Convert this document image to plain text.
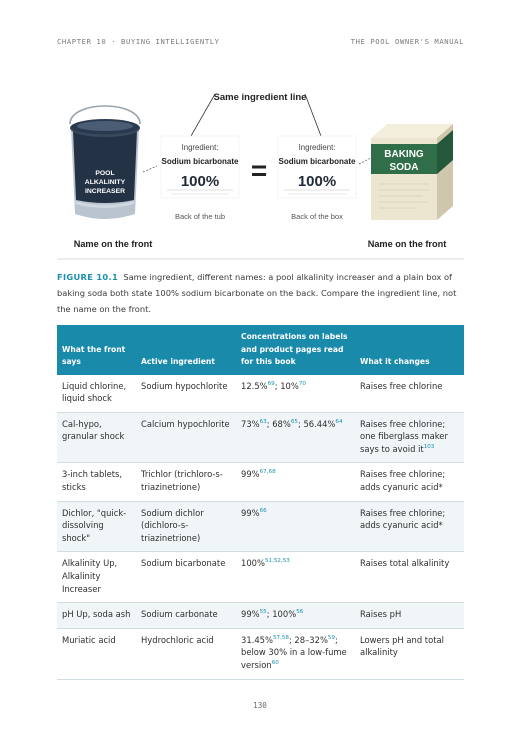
CHAPTER 10 · BUYING INTELLIGENTLY	THE POOL OWNER'S MANUAL
Same ingredient line
POOL
ALKALINITY
INCREASER
Name on the front
Ingredient:
Sodium bicarbonate
100%
Back of the tub
=
Ingredient:
Sodium bicarbonate
100%
Back of the box
BAKING
SODA
Name on the front

FIGURE 10.1 Same ingredient, different names: a pool alkalinity increaser and a plain box of baking soda both state 100% sodium bicarbonate on the back. Compare the ingredient line, not the name on the front.

What the front says	Active ingredient	Concentrations on labels and product pages read for this book	What it changes
Liquid chlorine, liquid shock	Sodium hypochlorite	12.5%$^{69}$; 10%$^{70}$	Raises free chlorine
Cal-hypo, granular shock	Calcium hypochlorite	73%$^{63}$; 68%$^{65}$; 56.44%$^{64}$	Raises free chlorine; one fiberglass maker says to avoid $it^{103}$
3-inch tablets, sticks	Trichlor (trichloro-s-triazinetrione)	99%$^{67,68}$	Raises free chlorine; adds cyanuric acid*
Dichlor, "quick-dissolving shock"	Sodium dichlor (dichloro-s-triazinetrione)	99%$^{66}$	Raises free chlorine; adds cyanuric acid*
Alkalinity Up, Alkalinity Increaser	Sodium bicarbonate	100%$^{51,52,53}$	Raises total alkalinity
pH Up, soda ash	Sodium carbonate	99%$^{55}$; 100%$^{56}$	Raises pH
Muriatic acid	Hydrochloric acid	31.45%$^{57,58}$; 28–32%$^{59}$; below 30% in a low-fume version$^{60}$	Lowers pH and total alkalinity
130
